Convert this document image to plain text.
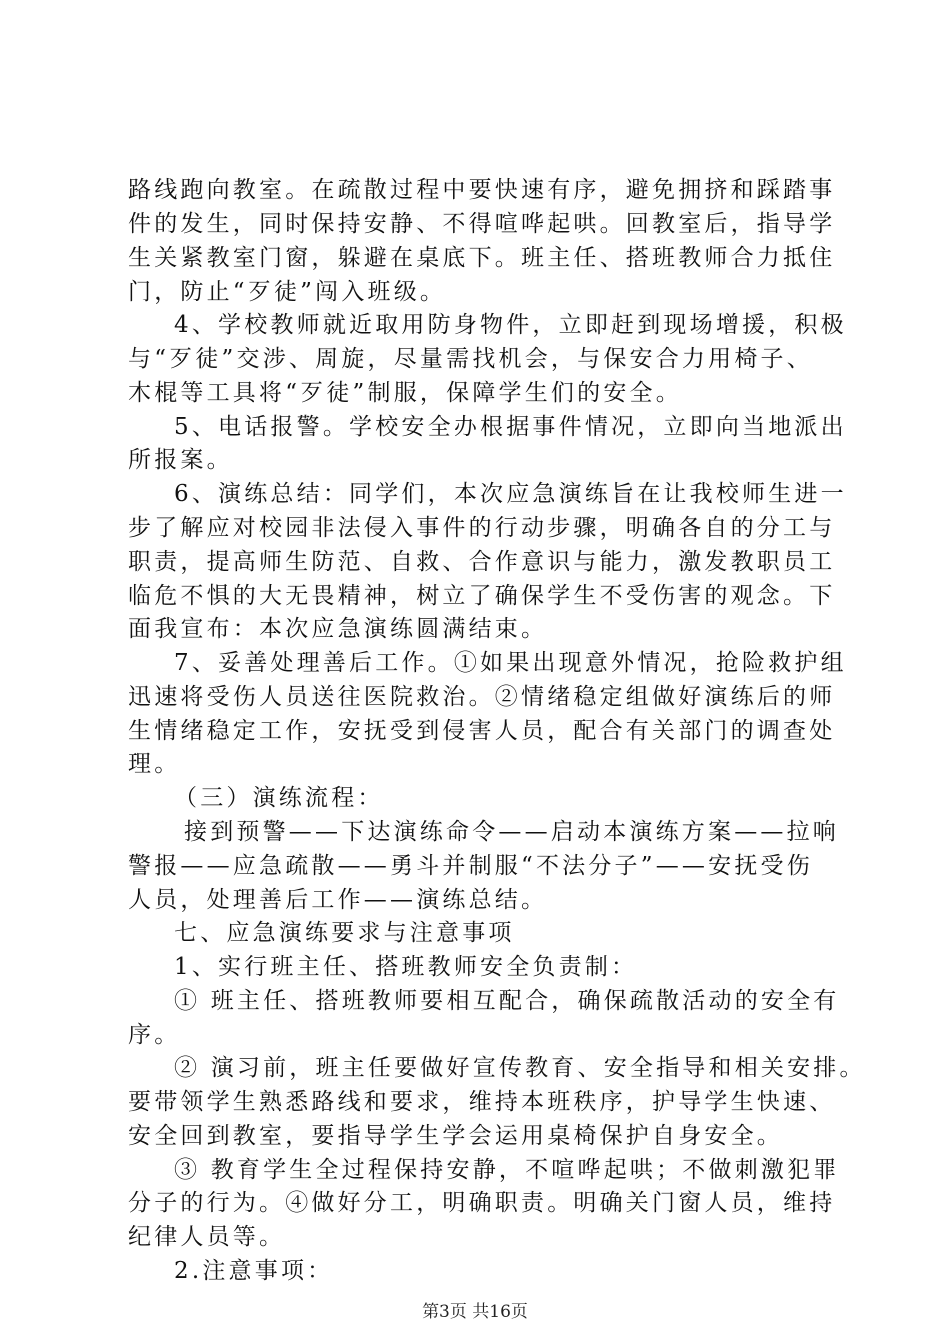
路线跑向教室。在疏散过程中要快速有序，避免拥挤和踩踏事
件的发生，同时保持安静、不得喧哗起哄。回教室后，指导学
生关紧教室门窗，躲避在桌底下。班主任、搭班教师合力抵住
门，防止“歹徒”闯入班级。
4、学校教师就近取用防身物件，立即赶到现场增援，积极
与“歹徒”交涉、周旋，尽量需找机会，与保安合力用椅子、
木棍等工具将“歹徒”制服，保障学生们的安全。
5、电话报警。学校安全办根据事件情况，立即向当地派出
所报案。
6、演练总结：同学们，本次应急演练旨在让我校师生进一
步了解应对校园非法侵入事件的行动步骤，明确各自的分工与
职责，提高师生防范、自救、合作意识与能力，激发教职员工
临危不惧的大无畏精神，树立了确保学生不受伤害的观念。下
面我宣布：本次应急演练圆满结束。
7、妥善处理善后工作。①如果出现意外情况，抢险救护组
迅速将受伤人员送往医院救治。②情绪稳定组做好演练后的师
生情绪稳定工作，安抚受到侵害人员，配合有关部门的调查处
理。
（三）演练流程：
接到预警——下达演练命令——启动本演练方案——拉响
警报——应急疏散——勇斗并制服“不法分子”——安抚受伤
人员，处理善后工作——演练总结。
七、应急演练要求与注意事项
1、实行班主任、搭班教师安全负责制：
① 班主任、搭班教师要相互配合，确保疏散活动的安全有
序。
② 演习前，班主任要做好宣传教育、安全指导和相关安排。
要带领学生熟悉路线和要求，维持本班秩序，护导学生快速、
安全回到教室，要指导学生学会运用桌椅保护自身安全。
③ 教育学生全过程保持安静，不喧哗起哄；不做刺激犯罪
分子的行为。④做好分工，明确职责。明确关门窗人员，维持
纪律人员等。
2.注意事项：
第3页 共16页
